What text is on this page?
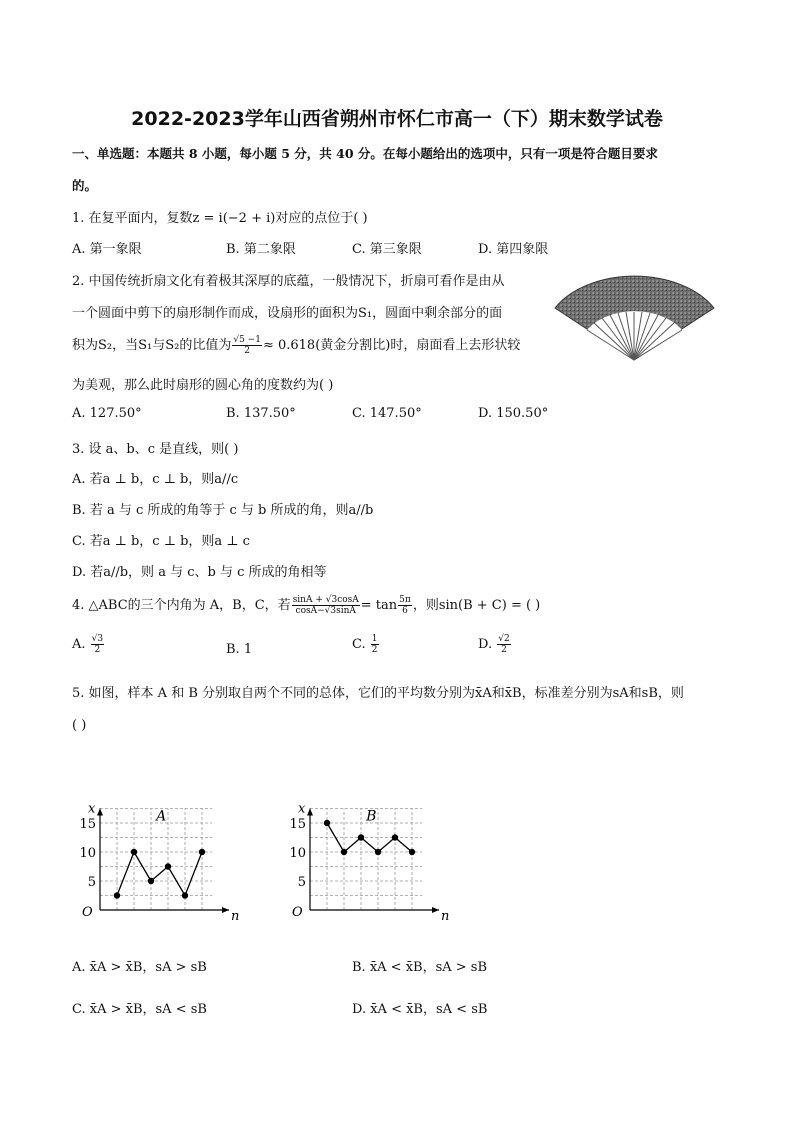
2022-2023学年山西省朔州市怀仁市高一（下）期末数学试卷
一、单选题：本题共 8 小题，每小题 5 分，共 40 分。在每小题给出的选项中，只有一项是符合题目要求
的。
1. 在复平面内，复数z = i(−2 + i)对应的点位于( )
A. 第一象限	B. 第二象限	C. 第三象限	D. 第四象限
2. 中国传统折扇文化有着极其深厚的底蕴，一般情况下，折扇可看作是由从
一个圆面中剪下的扇形制作而成，设扇形的面积为S₁，圆面中剩余部分的面
积为S₂，当S₁与S₂的比值为 $\frac{√5 -1}{2} \approx 0.618$(黄金分割比)时，扇面看上去形状较
为美观，那么此时扇形的圆心角的度数约为( )
A. 127.50°	B. 137.50°	C. 147.50°	D. 150.50°
3. 设 a、b、c 是直线，则( )
A. 若a ⊥ b，c ⊥ b，则a//c
B. 若 a 与 c 所成的角等于 c 与 b 所成的角，则a//b
C. 若a ⊥ b，c ⊥ b，则a ⊥ c
D. 若a//b，则 a 与 c、b 与 c 所成的角相等
4. △ABC的三个内角为 A，B，C，若 $\frac{\sin A + √3\cos A}{\cos A-√3\sin A} = \tan \frac{5\pi}{6}$ ，则sin(B + C) = ( )
A. $\frac{√3}{2}$	B. 1	C. $\frac{1}{2}$	D. $\frac{√2}{2}$
5. 如图，样本 A 和 B 分别取自两个不同的总体，它们的平均数分别为x̄A和x̄B，标准差分别为sA和sB，则
( )
x
n
O
A
5
10
15
x
n
O
B
15
10
5
A. x̄A > x̄B，sA > sB	B. x̄A < x̄B，sA > sB
C. x̄A > x̄B，sA < sB	D. x̄A < x̄B，sA < sB
